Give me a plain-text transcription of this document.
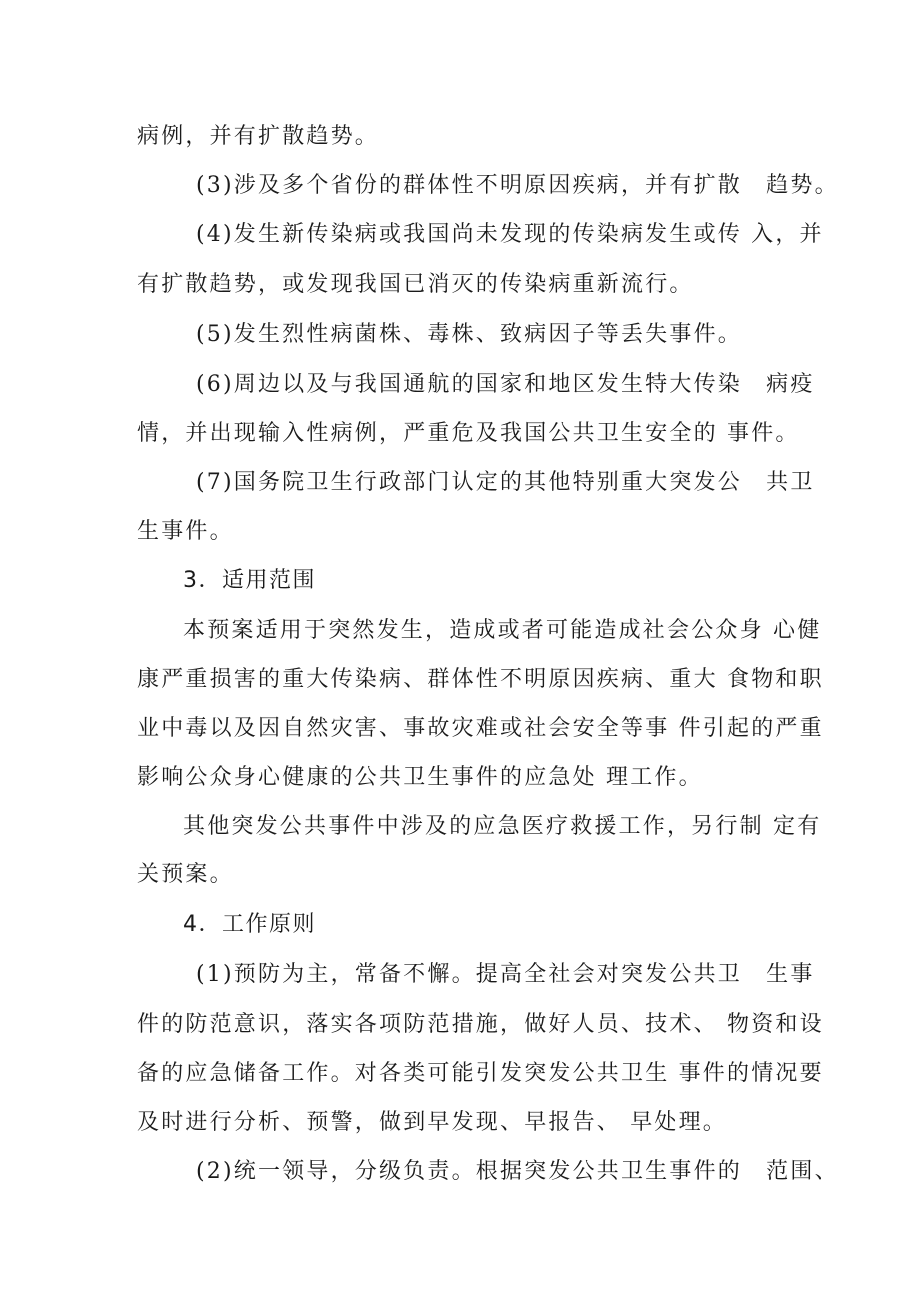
病例，并有扩散趋势。
(3)涉及多个省份的群体性不明原因疾病，并有扩散　趋势。
(4)发生新传染病或我国尚未发现的传染病发生或传 入，并
有扩散趋势，或发现我国已消灭的传染病重新流行。
(5)发生烈性病菌株、毒株、致病因子等丢失事件。
(6)周边以及与我国通航的国家和地区发生特大传染　病疫
情，并出现输入性病例，严重危及我国公共卫生安全的 事件。
(7)国务院卫生行政部门认定的其他特别重大突发公　共卫
生事件。
3．适用范围
本预案适用于突然发生，造成或者可能造成社会公众身 心健
康严重损害的重大传染病、群体性不明原因疾病、重大 食物和职
业中毒以及因自然灾害、事故灾难或社会安全等事 件引起的严重
影响公众身心健康的公共卫生事件的应急处 理工作。
其他突发公共事件中涉及的应急医疗救援工作，另行制 定有
关预案。
4．工作原则
(1)预防为主，常备不懈。提高全社会对突发公共卫　生事
件的防范意识，落实各项防范措施，做好人员、技术、 物资和设
备的应急储备工作。对各类可能引发突发公共卫生 事件的情况要
及时进行分析、预警，做到早发现、早报告、 早处理。
(2)统一领导，分级负责。根据突发公共卫生事件的　范围、
